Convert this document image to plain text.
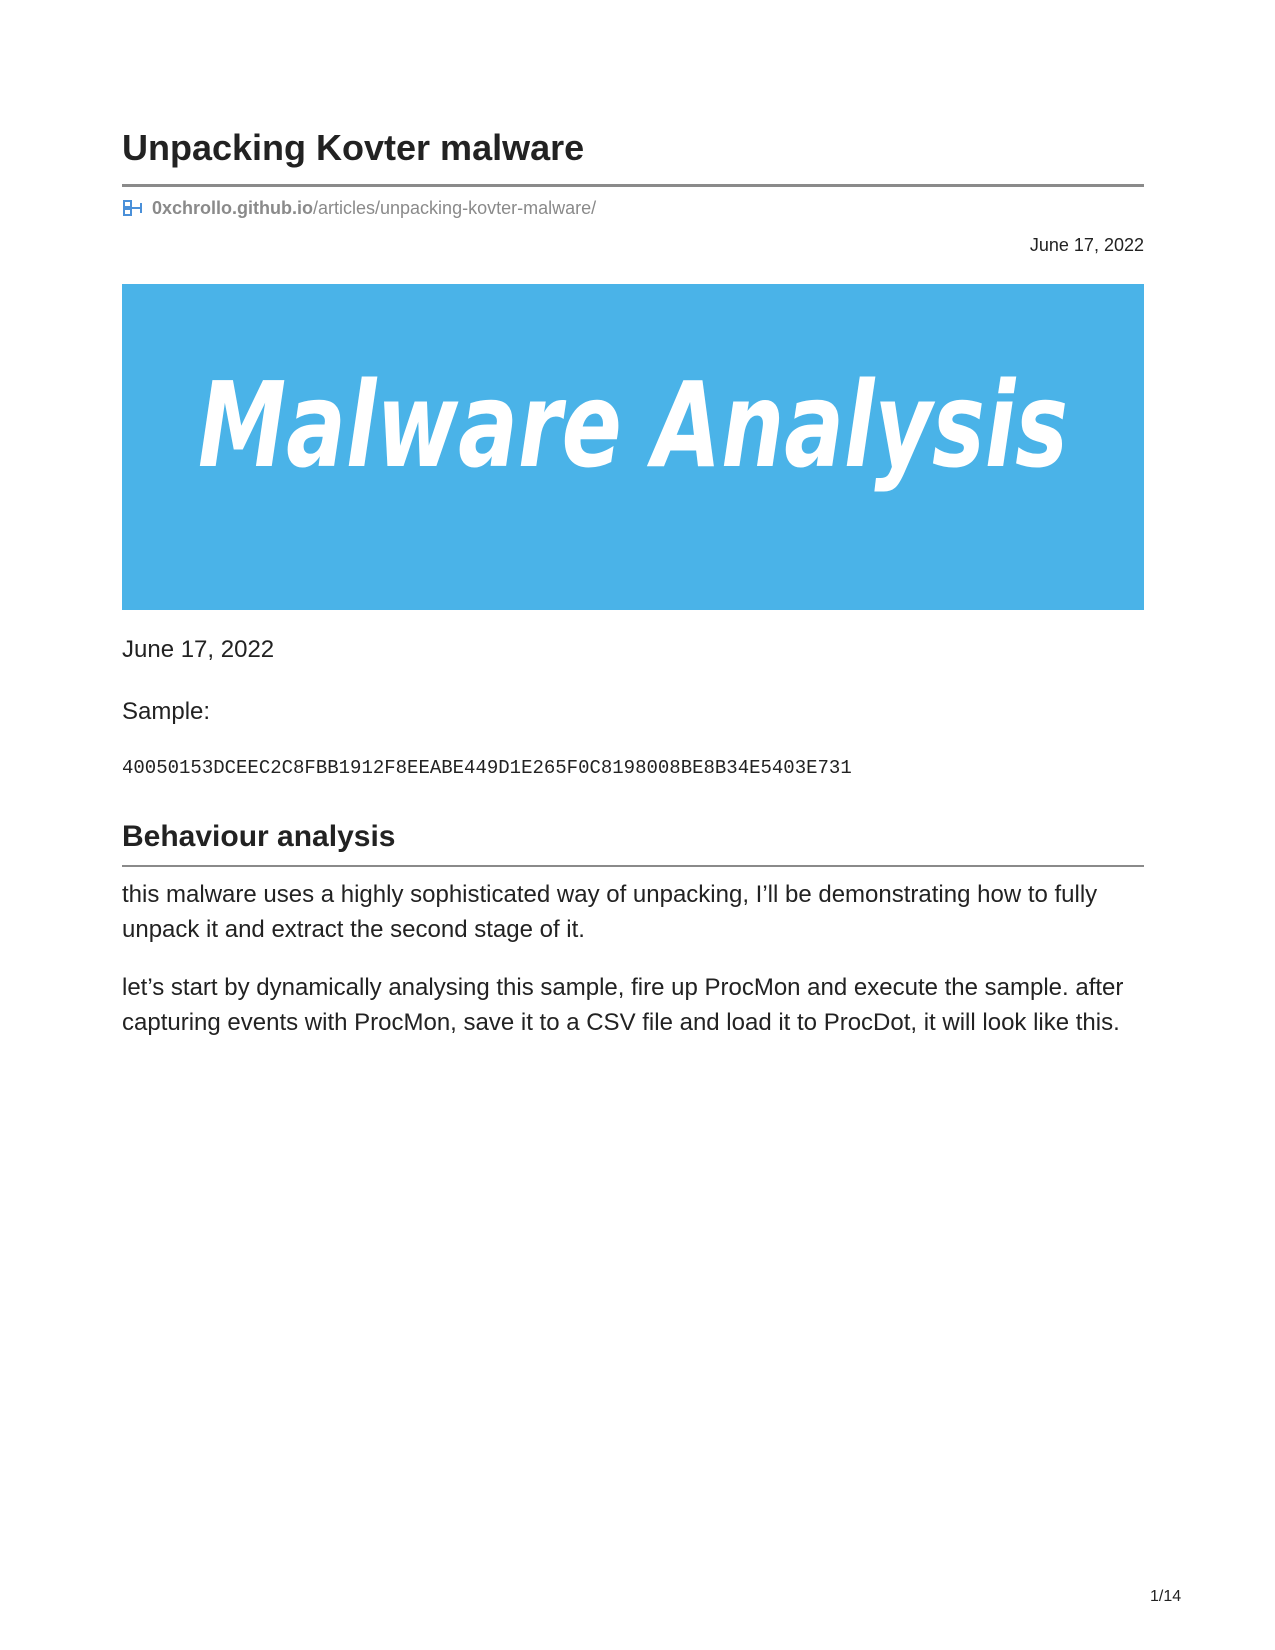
Unpacking Kovter malware
0xchrollo.github.io /articles/unpacking-kovter-malware/
June 17, 2022
Malware Analysis
June 17, 2022
Sample:
40050153DCEEC2C8FBB1912F8EEABE449D1E265F0C8198008BE8B34E5403E731
Behaviour analysis

this malware uses a highly sophisticated way of unpacking, I’ll be demonstrating how to fully unpack it and extract the second stage of it.

let’s start by dynamically analysing this sample, fire up ProcMon and execute the sample. after capturing events with ProcMon, save it to a CSV file and load it to ProcDot, it will look like this.

1/14
